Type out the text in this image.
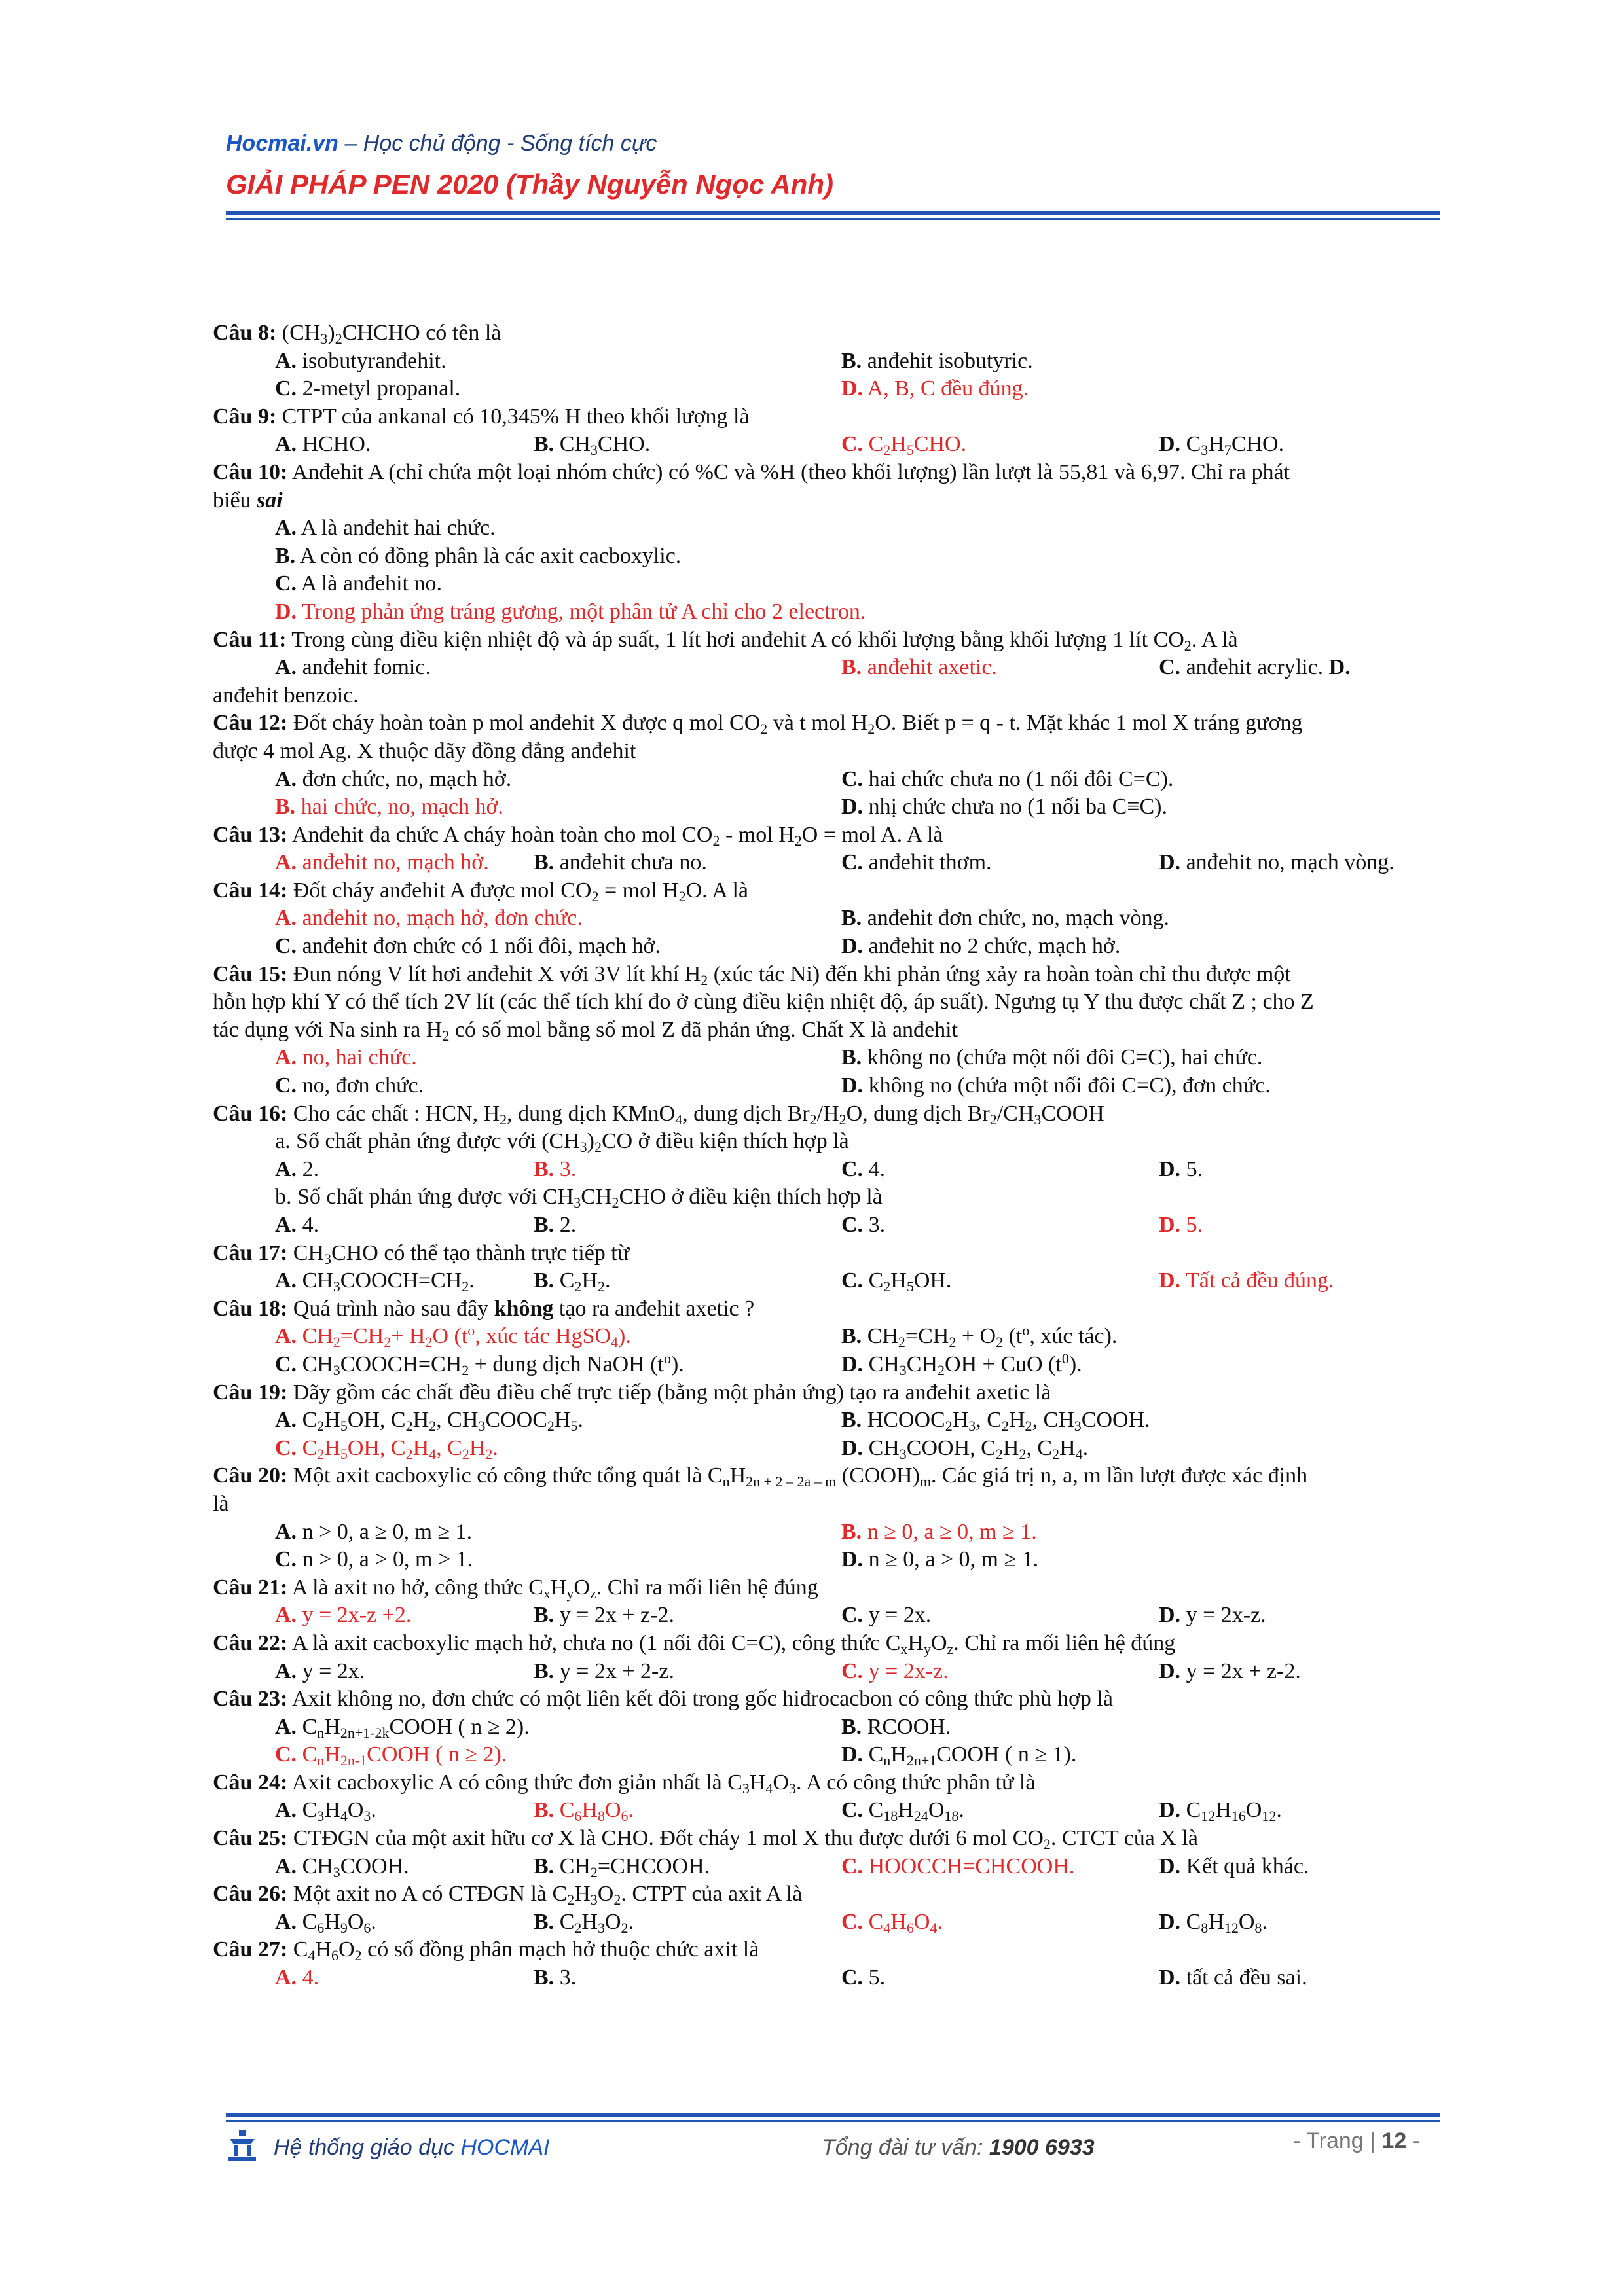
Hocmai.vn – Học chủ động - Sống tích cực
GIẢI PHÁP PEN 2020 (Thầy Nguyễn Ngọc Anh)
Câu 8: $(CH_3)_2CHCHO$ có tên là
A. isobutyranđehit.	B. anđehit isobutyric.
C. 2-metyl propanal.	D. A, B, C đều đúng.
Câu 9: CTPT của ankanal có 10,345% H theo khối lượng là
A. HCHO.	B. $CH_3CHO$.	C. $C_2H_5CHO$.	D. $C_3H_7CHO$.
Câu 10: Anđehit A (chỉ chứa một loại nhóm chức) có %C và %H (theo khối lượng) lần lượt là 55,81 và 6,97. Chỉ ra phát
biểu sai
A. A là anđehit hai chức.
B. A còn có đồng phân là các axit cacboxylic.
C. A là anđehit no.
D. Trong phản ứng tráng gương, một phân tử A chỉ cho 2 electron.
Câu 11: Trong cùng điều kiện nhiệt độ và áp suất, 1 lít hơi anđehit A có khối lượng bằng khối lượng 1 lít $CO_2$. A là
A. anđehit fomic.	B. anđehit axetic.	C. anđehit acrylic. D.
anđehit benzoic.
Câu 12: Đốt cháy hoàn toàn p mol anđehit X được q mol $CO_2$ và t mol $H_2O$. Biết p = q - t. Mặt khác 1 mol X tráng gương
được 4 mol Ag. X thuộc dãy đồng đẳng anđehit
A. đơn chức, no, mạch hở.	C. hai chức chưa no (1 nối đôi C=C).
B. hai chức, no, mạch hở.	D. nhị chức chưa no (1 nối ba C≡C).
Câu 13: Anđehit đa chức A cháy hoàn toàn cho mol $CO_2$ - mol $H_2O$ = mol A. A là
A. anđehit no, mạch hở. B. anđehit chưa no.	C. anđehit thơm.	D. anđehit no, mạch vòng.
Câu 14: Đốt cháy anđehit A được mol $CO_2$ = mol $H_2O$. A là
A. anđehit no, mạch hở, đơn chức.	B. anđehit đơn chức, no, mạch vòng.
C. anđehit đơn chức có 1 nối đôi, mạch hở.	D. anđehit no 2 chức, mạch hở.
Câu 15: Đun nóng V lít hơi anđehit X với 3V lít khí $H_2$ (xúc tác Ni) đến khi phản ứng xảy ra hoàn toàn chỉ thu được một
hỗn hợp khí Y có thể tích 2V lít (các thể tích khí đo ở cùng điều kiện nhiệt độ, áp suất). Ngưng tụ Y thu được chất Z ; cho Z
tác dụng với Na sinh ra $H_2$ có số mol bằng số mol Z đã phản ứng. Chất X là anđehit
A. no, hai chức.	B. không no (chứa một nối đôi C=C), hai chức.
C. no, đơn chức.	D. không no (chứa một nối đôi C=C), đơn chức.
Câu 16: Cho các chất : HCN, $H_2$, dung dịch KMnO$_4$, dung dịch $Br_2/H_2O$, dung dịch $Br_2/CH_3COOH$
a. Số chất phản ứng được với $(CH_3)_2CO$ ở điều kiện thích hợp là
A. 2.	B. 3.	C. 4.	D. 5.
b. Số chất phản ứng được với $CH_3CH_2CHO$ ở điều kiện thích hợp là
A. 4.	B. 2.	C. 3.	D. 5.
Câu 17: $CH_3CHO$ có thể tạo thành trực tiếp từ
A. $CH_3COOCH=CH_2$.	B. $C_2H_2$.	C. $C_2H_5OH$.	D. Tất cả đều đúng.
Câu 18: Quá trình nào sau đây không tạo ra anđehit axetic ?
A. $CH_2=CH_2+ H_2O$ ($t^o$, xúc tác HgSO$_4$).	B. $CH_2=CH_2 + O_2$ ($t^o$, xúc tác).
C. $CH_3COOCH=CH_2$ + dung dịch NaOH $(t^o)$.	D. $CH_3CH_2OH$ + CuO $(t^0)$.
Câu 19: Dãy gồm các chất đều điều chế trực tiếp (bằng một phản ứng) tạo ra anđehit axetic là
A. $C_2H_5OH$, $C_2H_2$, $CH_3COOC_2H_5$.	B. $HCOOC_2H_3$, $C_2H_2$, $CH_3COOH$.
C. $C_2H_5OH$, $C_2H_4$, $C_2H_2$.	D. $CH_3COOH$, $C_2H_2$, $C_2H_4$.
Câu 20: Một axit cacboxylic có công thức tổng quát là $C_nH_{2n + 2 - 2a - m}$ $(COOH)_m$. Các giá trị n, a, m lần lượt được xác định
là
A. n > 0, a ≥ 0, m ≥ 1.	B. n ≥ 0, a ≥ 0, m ≥ 1.
C. n > 0, a > 0, m > 1.	D. n ≥ 0, a > 0, m ≥ 1.
Câu 21: A là axit no hở, công thức $C_xH_yO_z$. Chỉ ra mối liên hệ đúng
A. y = 2x-z +2.	B. y = 2x + z-2.	C. y = 2x.	D. y = 2x-z.
Câu 22: A là axit cacboxylic mạch hở, chưa no (1 nối đôi C=C), công thức $C_xH_yO_z$. Chỉ ra mối liên hệ đúng
A. y = 2x.	B. y = 2x + 2-z.	C. y = 2x-z.	D. y = 2x + z-2.
Câu 23: Axit không no, đơn chức có một liên kết đôi trong gốc hiđrocacbon có công thức phù hợp là
A. $C_nH_{2n+1-2k}COOH$ ( n ≥ 2).	B. RCOOH.
C. $C_nH_{2n-1}COOH$ ( n ≥ 2).	D. $C_nH_{2n+1}COOH$ ( n ≥ 1).
Câu 24: Axit cacboxylic A có công thức đơn giản nhất là $C_3H_4O_3$. A có công thức phân tử là
A. $C_3H_4O_3$.	B. $C_6H_8O_6$.	C. $C_{18}H_{24}O_{18}$.	D. $C_{12}H_{16}O_{12}$.
Câu 25: CTĐGN của một axit hữu cơ X là CHO. Đốt cháy 1 mol X thu được dưới 6 mol $CO_2$. CTCT của X là
A. $CH_3COOH$.	B. $CH_2=CHCOOH$.	C. HOOCCH=CHCOOH.	D. Kết quả khác.
Câu 26: Một axit no A có CTĐGN là $C_2H_3O_2$. CTPT của axit A là
A. $C_6H_9O_6$.	B. $C_2H_3O_2$.	C. $C_4H_6O_4$.	D. $C_8H_{12}O_8$.
Câu 27: $C_4H_6O_2$ có số đồng phân mạch hở thuộc chức axit là
A. 4.	B. 3.	C. 5.	D. tất cả đều sai.
Hệ thống giáo dục HOCMAI	Tổng đài tư vấn: 1900 6933	- Trang | 12 -
